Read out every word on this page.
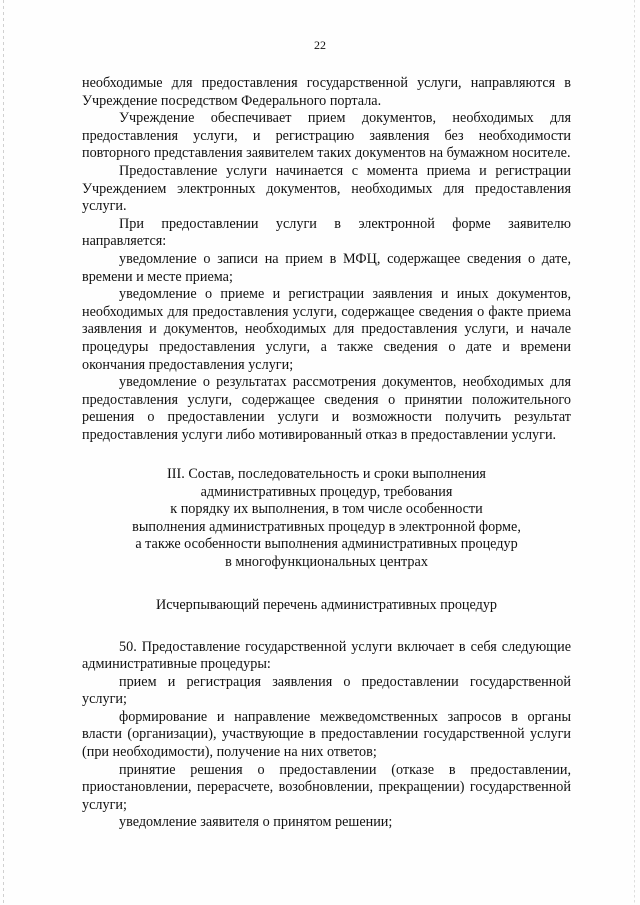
22

необходимые для предоставления государственной услуги, направляются в Учреждение посредством Федерального портала.

Учреждение обеспечивает прием документов, необходимых для предоставления услуги, и регистрацию заявления без необходимости повторного представления заявителем таких документов на бумажном носителе.

Предоставление услуги начинается с момента приема и регистрации Учреждением электронных документов, необходимых для предоставления услуги.

При предоставлении услуги в электронной форме заявителю направляется:

уведомление о записи на прием в МФЦ, содержащее сведения о дате, времени и месте приема;

уведомление о приеме и регистрации заявления и иных документов, необходимых для предоставления услуги, содержащее сведения о факте приема заявления и документов, необходимых для предоставления услуги, и начале процедуры предоставления услуги, а также сведения о дате и времени окончания предоставления услуги;

уведомление о результатах рассмотрения документов, необходимых для предоставления услуги, содержащее сведения о принятии положительного решения о предоставлении услуги и возможности получить результат предоставления услуги либо мотивированный отказ в предоставлении услуги.

III. Состав, последовательность и сроки выполнения
административных процедур, требования
к порядку их выполнения, в том числе особенности
выполнения административных процедур в электронной форме,
а также особенности выполнения административных процедур
в многофункциональных центрах

Исчерпывающий перечень административных процедур

50. Предоставление государственной услуги включает в себя следующие административные процедуры:

прием и регистрация заявления о предоставлении государственной услуги;

формирование и направление межведомственных запросов в органы власти (организации), участвующие в предоставлении государственной услуги (при необходимости), получение на них ответов;

принятие решения о предоставлении (отказе в предоставлении, приостановлении, перерасчете, возобновлении, прекращении) государственной услуги;

уведомление заявителя о принятом решении;
